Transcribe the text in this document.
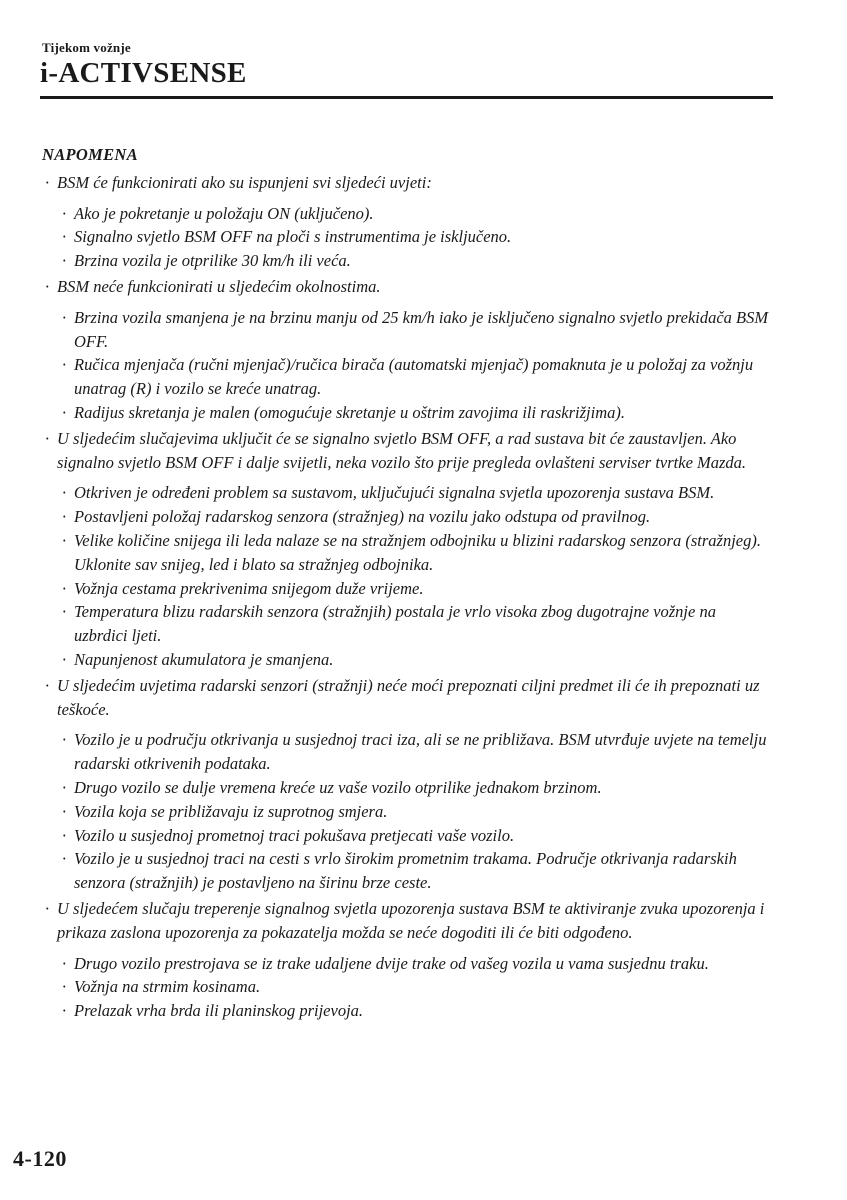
Tijekom vožnje
i-ACTIVSENSE
NAPOMENA
· BSM će funkcionirati ako su ispunjeni svi sljedeći uvjeti:
· Ako je pokretanje u položaju ON (uključeno).
· Signalno svjetlo BSM OFF na ploči s instrumentima je isključeno.
· Brzina vozila je otprilike 30 km/h ili veća.
· BSM neće funkcionirati u sljedećim okolnostima.
· Brzina vozila smanjena je na brzinu manju od 25 km/h iako je isključeno signalno svjetlo prekidača BSM OFF.
· Ručica mjenjača (ručni mjenjač)/ručica birača (automatski mjenjač) pomaknuta je u položaj za vožnju unatrag (R) i vozilo se kreće unatrag.
· Radijus skretanja je malen (omogućuje skretanje u oštrim zavojima ili raskrižjima).
· U sljedećim slučajevima uključit će se signalno svjetlo BSM OFF, a rad sustava bit će zaustavljen. Ako signalno svjetlo BSM OFF i dalje svijetli, neka vozilo što prije pregleda ovlašteni serviser tvrtke Mazda.
· Otkriven je određeni problem sa sustavom, uključujući signalna svjetla upozorenja sustava BSM.
· Postavljeni položaj radarskog senzora (stražnjeg) na vozilu jako odstupa od pravilnog.
· Velike količine snijega ili leda nalaze se na stražnjem odbojniku u blizini radarskog senzora (stražnjeg). Uklonite sav snijeg, led i blato sa stražnjeg odbojnika.
· Vožnja cestama prekrivenima snijegom duže vrijeme.
· Temperatura blizu radarskih senzora (stražnjih) postala je vrlo visoka zbog dugotrajne vožnje na uzbrdici ljeti.
· Napunjenost akumulatora je smanjena.
· U sljedećim uvjetima radarski senzori (stražnji) neće moći prepoznati ciljni predmet ili će ih prepoznati uz teškoće.
· Vozilo je u području otkrivanja u susjednoj traci iza, ali se ne približava. BSM utvrđuje uvjete na temelju radarski otkrivenih podataka.
· Drugo vozilo se dulje vremena kreće uz vaše vozilo otprilike jednakom brzinom.
· Vozila koja se približavaju iz suprotnog smjera.
· Vozilo u susjednoj prometnoj traci pokušava pretjecati vaše vozilo.
· Vozilo je u susjednoj traci na cesti s vrlo širokim prometnim trakama. Područje otkrivanja radarskih senzora (stražnjih) je postavljeno na širinu brze ceste.
· U sljedećem slučaju treperenje signalnog svjetla upozorenja sustava BSM te aktiviranje zvuka upozorenja i prikaza zaslona upozorenja za pokazatelja možda se neće dogoditi ili će biti odgođeno.
· Drugo vozilo prestrojava se iz trake udaljene dvije trake od vašeg vozila u vama susjednu traku.
· Vožnja na strmim kosinama.
· Prelazak vrha brda ili planinskog prijevoja.
4-120
